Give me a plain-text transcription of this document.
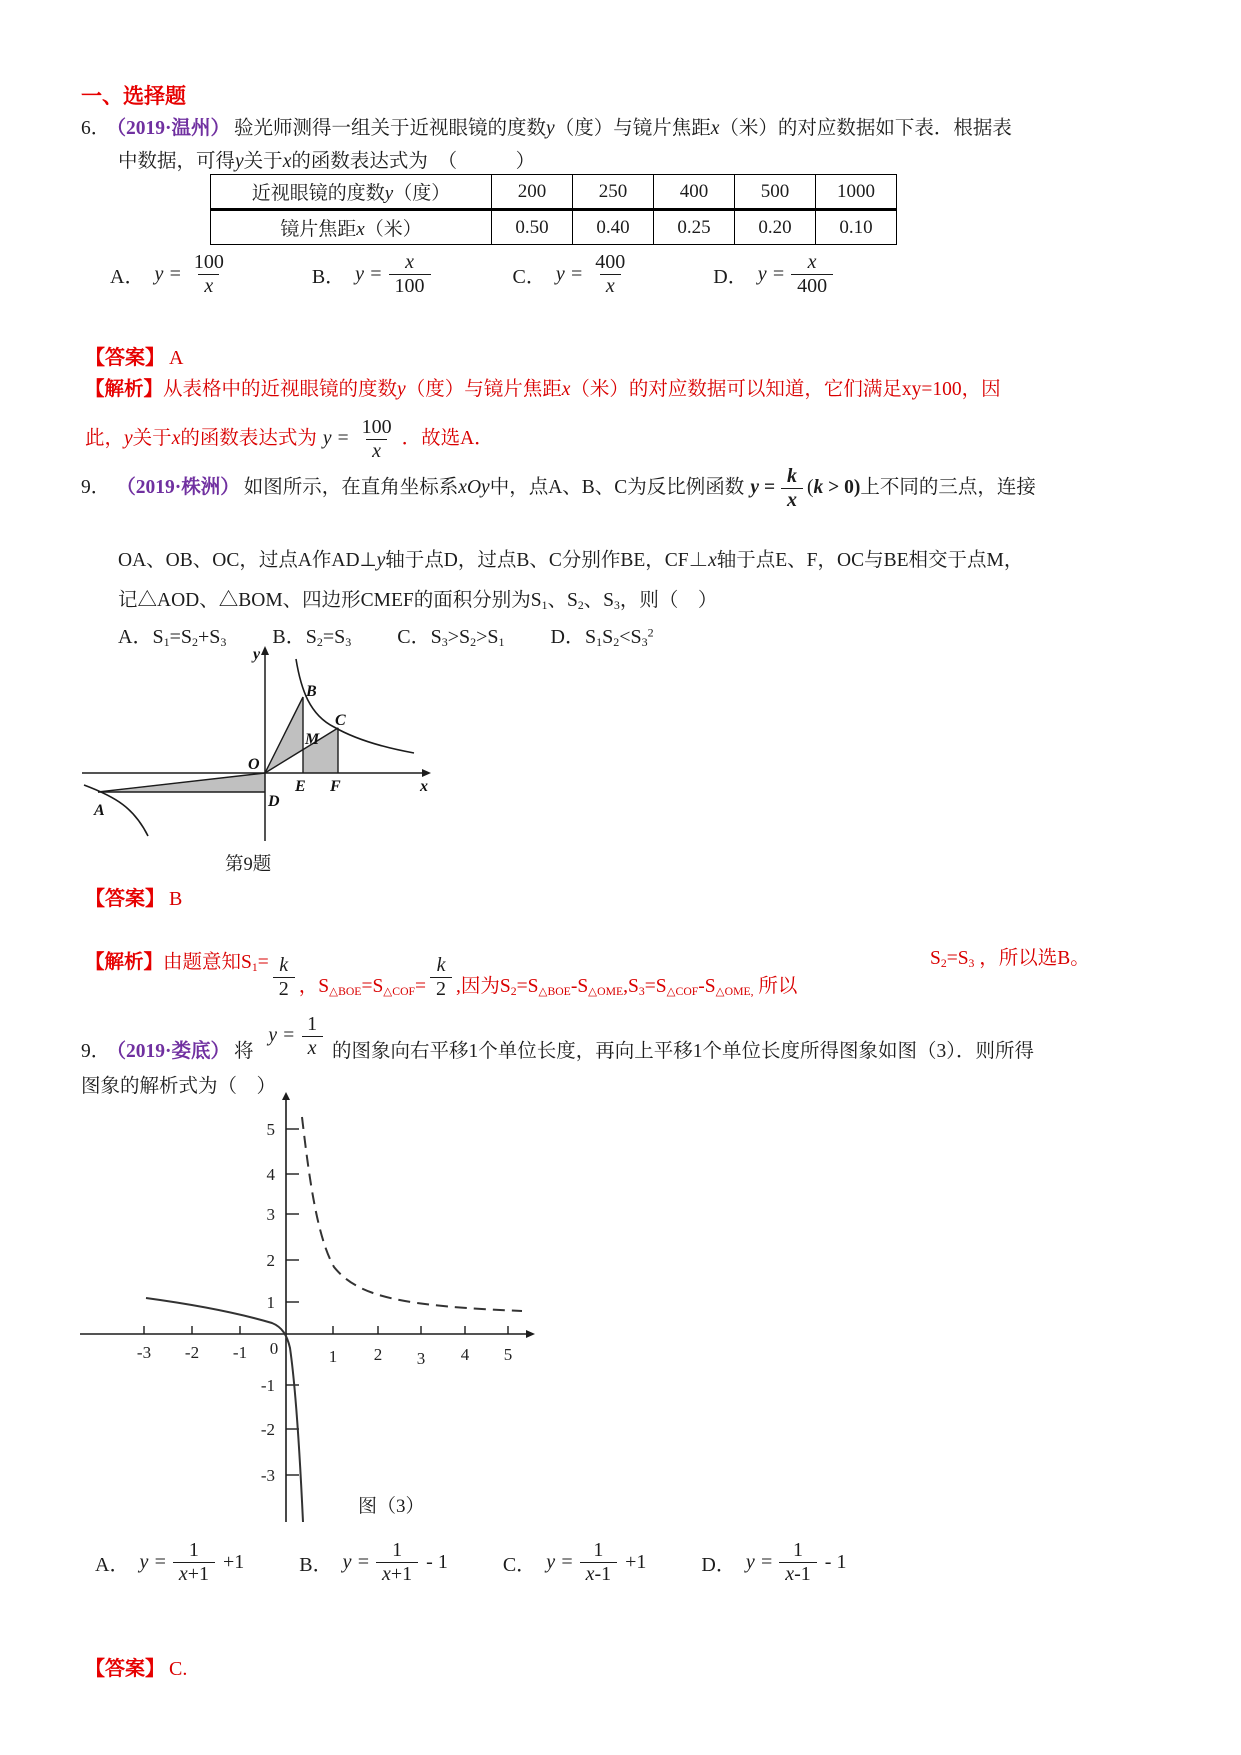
一、选择题
6． （2019·温州） 验光师测得一组关于近视眼镜的度数y（度）与镜片焦距x（米）的对应数据如下表．根据表
中数据，可得y关于x的函数表达式为　（　　　）
近视眼镜的度数y（度）	200	250	400	500	1000
镜片焦距x（米）	0.50	0.40	0.25	0.20	0.10
A． $y = \frac{100}{x}$	B． $y = \frac{x}{100}$	C． $y = \frac{400}{x}$	D． $y = \frac{x}{400}$
【答案】 A
【解析】从表格中的近视眼镜的度数y（度）与镜片焦距x（米）的对应数据可以知道，它们满足xy=100，因
此，y关于x的函数表达式为 $y = \frac{100}{x}$ ．故选A．
9． （2019·株洲） 如图所示，在直角坐标系xOy中，点A、B、C为反比例函数 $y = \frac{k}{x} (k > 0)$ 上不同的三点，连接
OA、OB、OC，过点A作AD⊥y轴于点D，过点B、C分别作BE，CF⊥x轴于点E、F，OC与BE相交于点M，
记△AOD、△BOM、四边形CMEF的面积分别为S1、S2、S3，则（　）
A．S1=S2+S3 B．S2=S3 C．S3>S2>S1 D．$S1S2<S3^2$
y
x
O
B
C
M
E F
D
A
第9题
【答案】 B
【解析】由题意知$S1= \frac{k}{2}$ ，S△BOE=S△COF= $\frac{k}{2}$ ,因为S2=S△BOE-S△OME,S3=S△COF-S△OME, 所以
S2=S3 ，所以选B。
9． （2019·娄底） 将
$y = \frac{1}{x}$ 的图象向右平移1个单位长度，再向上平移1个单位长度所得图象如图（3）．则所得
图象的解析式为（　）
5
4
3
2
1
-1
-2
-3
-3 -2 -1	1 2 3 4 5
0
图（3）
A． $y = \frac{1}{x+1} +1$	B． $y = \frac{1}{x+1} - 1$	C． $y = \frac{1}{x-1} +1$	D． $y = \frac{1}{x-1} - 1$
【答案】 C.
